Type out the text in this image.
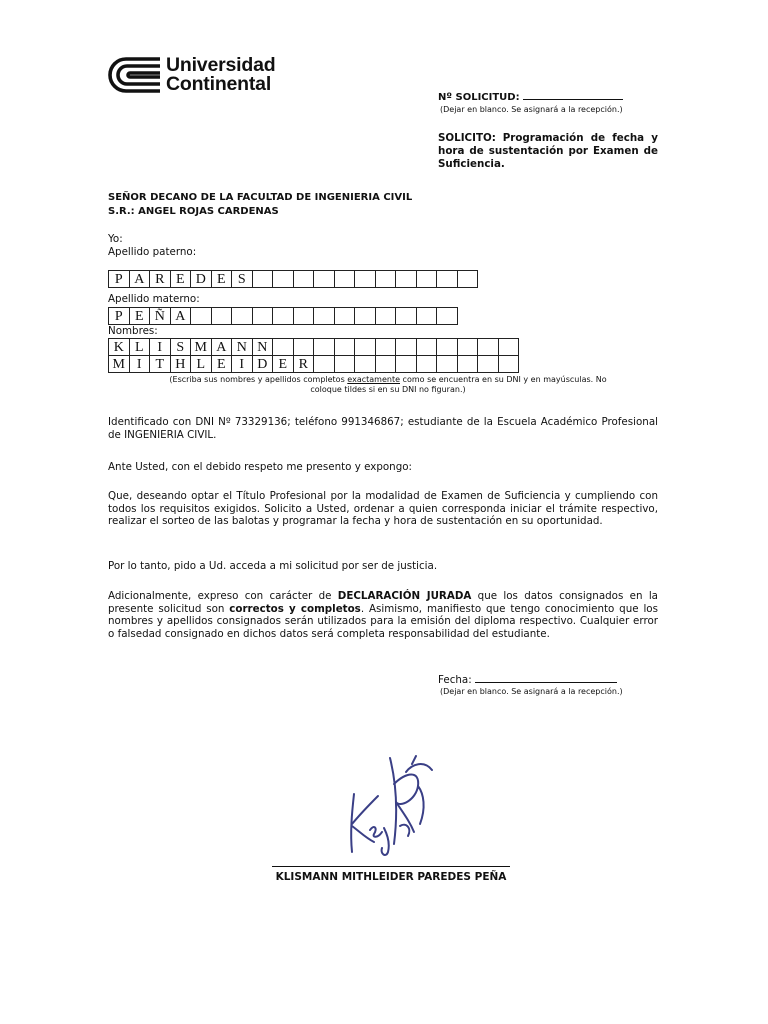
Universidad
Continental
Nº SOLICITUD:
(Dejar en blanco. Se asignará a la recepción.)
SOLICITO: Programación de fecha y hora de sustentación por Examen de Suficiencia.
SEÑOR DECANO DE LA FACULTAD DE INGENIERIA CIVIL
S.R.: ANGEL ROJAS CARDENAS
Yo:
Apellido paterno:
P	A	R	E	D	E	S											
Apellido materno:
P	E	Ñ	A													
Nombres:
K	L	I	S	M	A	N	N												
M	I	T	H	L	E	I	D	E	R										
(Escriba sus nombres y apellidos completos exactamente como se encuentra en su DNI y en mayúsculas. No
coloque tildes si en su DNI no figuran.)
Identificado con DNI Nº 73329136; teléfono 991346867; estudiante de la Escuela Académico Profesional de INGENIERIA CIVIL.
Ante Usted, con el debido respeto me presento y expongo:
Que, deseando optar el Título Profesional por la modalidad de Examen de Suficiencia y cumpliendo con todos los requisitos exigidos. Solicito a Usted, ordenar a quien corresponda iniciar el trámite respectivo, realizar el sorteo de las balotas y programar la fecha y hora de sustentación en su oportunidad.
Por lo tanto, pido a Ud. acceda a mi solicitud por ser de justicia.
Adicionalmente, expreso con carácter de DECLARACIÓN JURADA que los datos consignados en la presente solicitud son correctos y completos. Asimismo, manifiesto que tengo conocimiento que los nombres y apellidos consignados serán utilizados para la emisión del diploma respectivo. Cualquier error o falsedad consignado en dichos datos será completa responsabilidad del estudiante.
Fecha:
(Dejar en blanco. Se asignará a la recepción.)
KLISMANN MITHLEIDER PAREDES PEÑA
